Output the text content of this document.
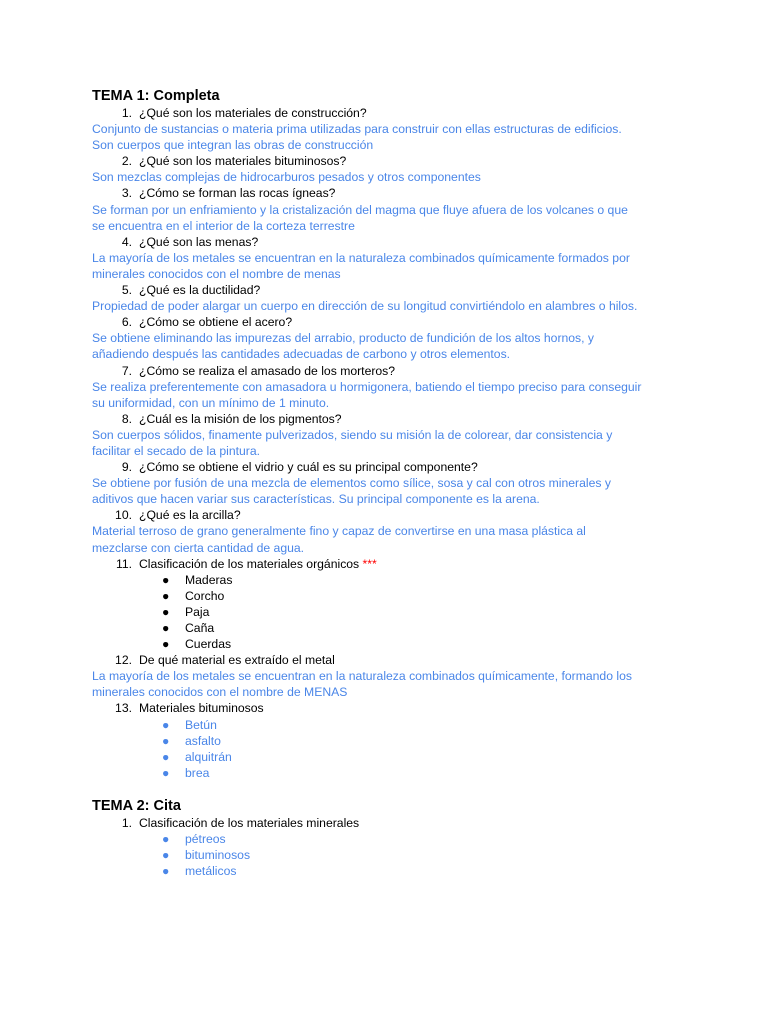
TEMA 1: Completa
1. ¿Qué son los materiales de construcción?
Conjunto de sustancias o materia prima utilizadas para construir con ellas estructuras de edificios.
Son cuerpos que integran las obras de construcción
2. ¿Qué son los materiales bituminosos?
Son mezclas complejas de hidrocarburos pesados y otros componentes
3. ¿Cómo se forman las rocas ígneas?
Se forman por un enfriamiento y la cristalización del magma que fluye afuera de los volcanes o que
se encuentra en el interior de la corteza terrestre
4. ¿Qué son las menas?
La mayoría de los metales se encuentran en la naturaleza combinados químicamente formados por
minerales conocidos con el nombre de menas
5. ¿Qué es la ductilidad?
Propiedad de poder alargar un cuerpo en dirección de su longitud convirtiéndolo en alambres o hilos.
6. ¿Cómo se obtiene el acero?
Se obtiene eliminando las impurezas del arrabio, producto de fundición de los altos hornos, y
añadiendo después las cantidades adecuadas de carbono y otros elementos.
7. ¿Cómo se realiza el amasado de los morteros?
Se realiza preferentemente con amasadora u hormigonera, batiendo el tiempo preciso para conseguir
su uniformidad, con un mínimo de 1 minuto.
8. ¿Cuál es la misión de los pigmentos?
Son cuerpos sólidos, finamente pulverizados, siendo su misión la de colorear, dar consistencia y
facilitar el secado de la pintura.
9. ¿Cómo se obtiene el vidrio y cuál es su principal componente?
Se obtiene por fusión de una mezcla de elementos como sílice, sosa y cal con otros minerales y
aditivos que hacen variar sus características. Su principal componente es la arena.
10. ¿Qué es la arcilla?
Material terroso de grano generalmente fino y capaz de convertirse en una masa plástica al
mezclarse con cierta cantidad de agua.
11. Clasificación de los materiales orgánicos ***
● Maderas
● Corcho
● Paja
● Caña
● Cuerdas
12. De qué material es extraído el metal
La mayoría de los metales se encuentran en la naturaleza combinados químicamente, formando los
minerales conocidos con el nombre de MENAS
13. Materiales bituminosos
● Betún
● asfalto
● alquitrán
● brea
TEMA 2: Cita
1. Clasificación de los materiales minerales
● pétreos
● bituminosos
● metálicos
